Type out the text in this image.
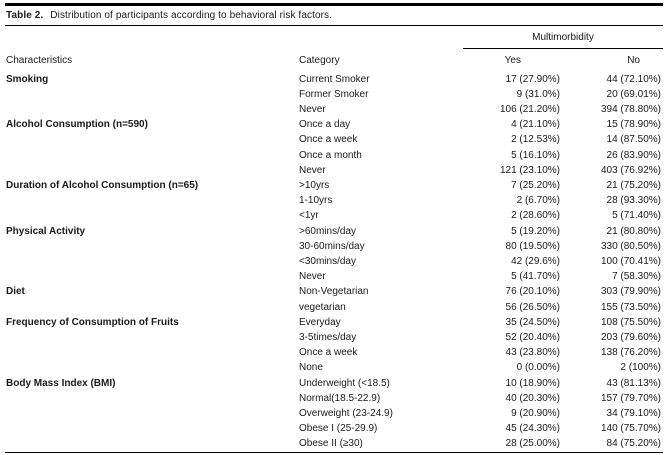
Table 2. Distribution of participants according to behavioral risk factors.
		Multimorbidity	
Characteristics	Category	Yes	No
Smoking	Current Smoker	17 (27.90%)	44 (72.10%)
	Former Smoker	9 (31.0%)	20 (69.01%)
	Never	106 (21.20%)	394 (78.80%)
Alcohol Consumption (n=590)	Once a day	4 (21.10%)	15 (78.90%)
	Once a week	2 (12.53%)	14 (87.50%)
	Once a month	5 (16.10%)	26 (83.90%)
	Never	121 (23.10%)	403 (76.92%)
Duration of Alcohol Consumption (n=65)	>10yrs	7 (25.20%)	21 (75.20%)
	1-10yrs	2 (6.70%)	28 (93.30%)
	<1yr	2 (28.60%)	5 (71.40%)
Physical Activity	>60mins/day	5 (19.20%)	21 (80.80%)
	30-60mins/day	80 (19.50%)	330 (80.50%)
	<30mins/day	42 (29.6%)	100 (70.41%)
	Never	5 (41.70%)	7 (58.30%)
Diet	Non-Vegetarian	76 (20.10%)	303 (79.90%)
	vegetarian	56 (26.50%)	155 (73.50%)
Frequency of Consumption of Fruits	Everyday	35 (24.50%)	108 (75.50%)
	3-5times/day	52 (20.40%)	203 (79.60%)
	Once a week	43 (23.80%)	138 (76.20%)
	None	0 (0.00%)	2 (100%)
Body Mass Index (BMI)	Underweight (<18.5)	10 (18.90%)	43 (81.13%)
	Normal(18.5-22.9)	40 (20.30%)	157 (79.70%)
	Overweight (23-24.9)	9 (20.90%)	34 (79.10%)
	Obese I (25-29.9)	45 (24.30%)	140 (75.70%)
	Obese II (≥30)	28 (25.00%)	84 (75.20%)
